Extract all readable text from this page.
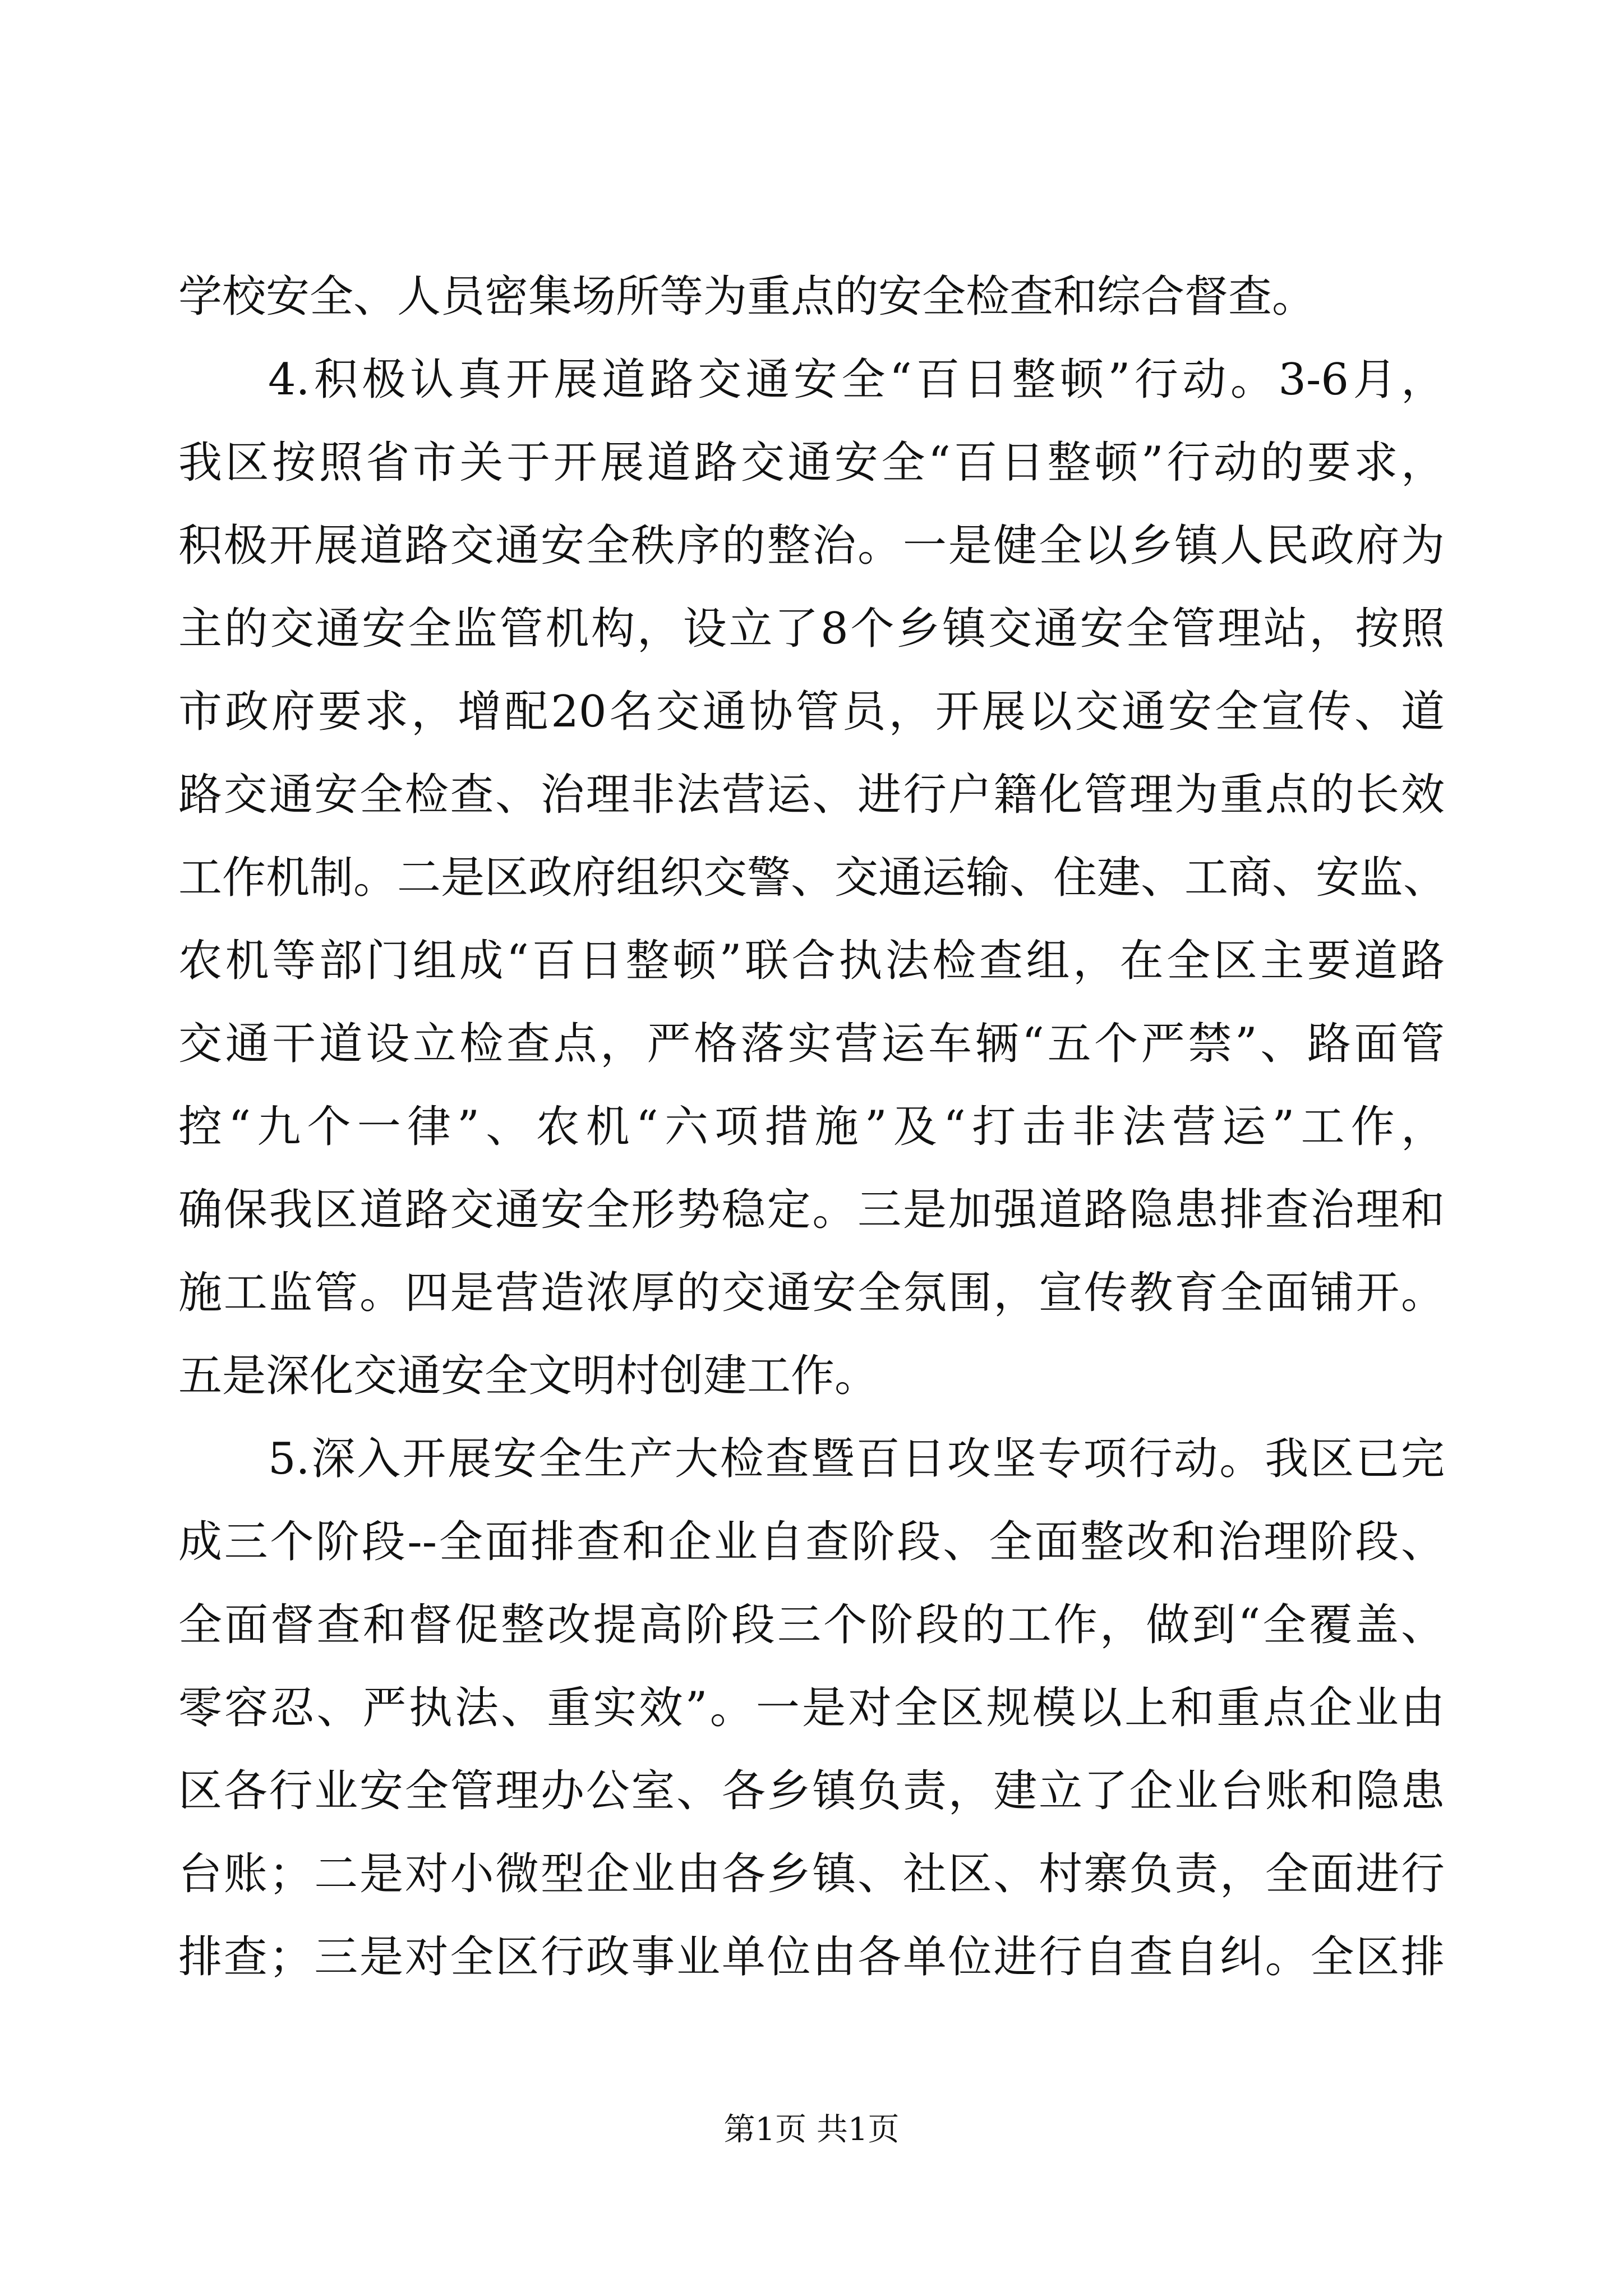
学校安全、人员密集场所等为重点的安全检查和综合督查。
4.积极认真开展道路交通安全“百日整顿”行动。3-6月，
我区按照省市关于开展道路交通安全“百日整顿”行动的要求，
积极开展道路交通安全秩序的整治。一是健全以乡镇人民政府为
主的交通安全监管机构，设立了8个乡镇交通安全管理站，按照
市政府要求，增配20名交通协管员，开展以交通安全宣传、道
路交通安全检查、治理非法营运、进行户籍化管理为重点的长效
工作机制。二是区政府组织交警、交通运输、住建、工商、安监、
农机等部门组成“百日整顿”联合执法检查组，在全区主要道路
交通干道设立检查点，严格落实营运车辆“五个严禁”、路面管
控“九个一律”、农机“六项措施”及“打击非法营运”工作，
确保我区道路交通安全形势稳定。三是加强道路隐患排查治理和
施工监管。四是营造浓厚的交通安全氛围，宣传教育全面铺开。
五是深化交通安全文明村创建工作。
5.深入开展安全生产大检查暨百日攻坚专项行动。我区已完
成三个阶段--全面排查和企业自查阶段、全面整改和治理阶段、
全面督查和督促整改提高阶段三个阶段的工作，做到“全覆盖、
零容忍、严执法、重实效”。一是对全区规模以上和重点企业由
区各行业安全管理办公室、各乡镇负责，建立了企业台账和隐患
台账；二是对小微型企业由各乡镇、社区、村寨负责，全面进行
排查；三是对全区行政事业单位由各单位进行自查自纠。全区排
第1页 共1页
